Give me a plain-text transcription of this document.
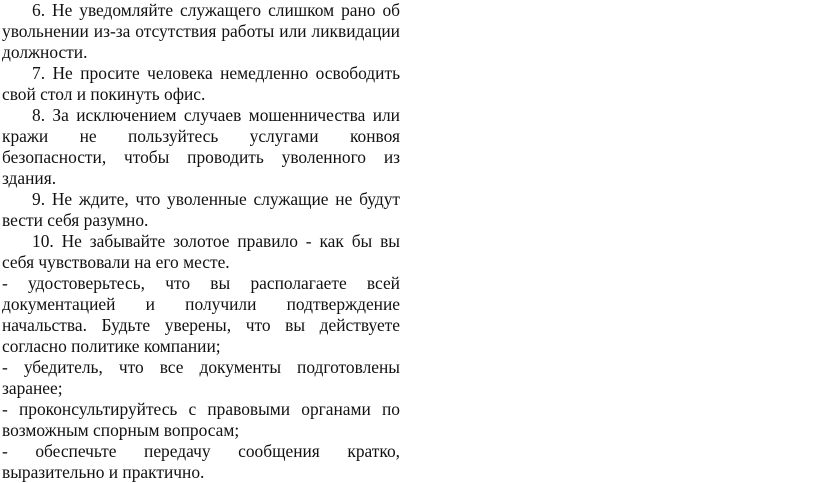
6. Не уведомляйте служащего слишком рано об увольнении из-за отсутствия работы или ликвидации должности.

7. Не просите человека немедленно освободить свой стол и покинуть офис.

8. За исключением случаев мошенничества или кражи не пользуйтесь услугами конвоя безопасности, чтобы проводить уволенного из здания.

9. Не ждите, что уволенные служащие не будут вести себя разумно.

10. Не забывайте золотое правило - как бы вы себя чувствовали на его месте.

- удостоверьтесь, что вы располагаете всей документацией и получили подтверждение начальства. Будьте уверены, что вы действуете согласно политике компании;

- убедитель, что все документы подготовлены заранее;

- проконсультируйтесь с правовыми органами по возможным спорным вопросам;

- обеспечьте передачу сообщения кратко, выразительно и практично.
